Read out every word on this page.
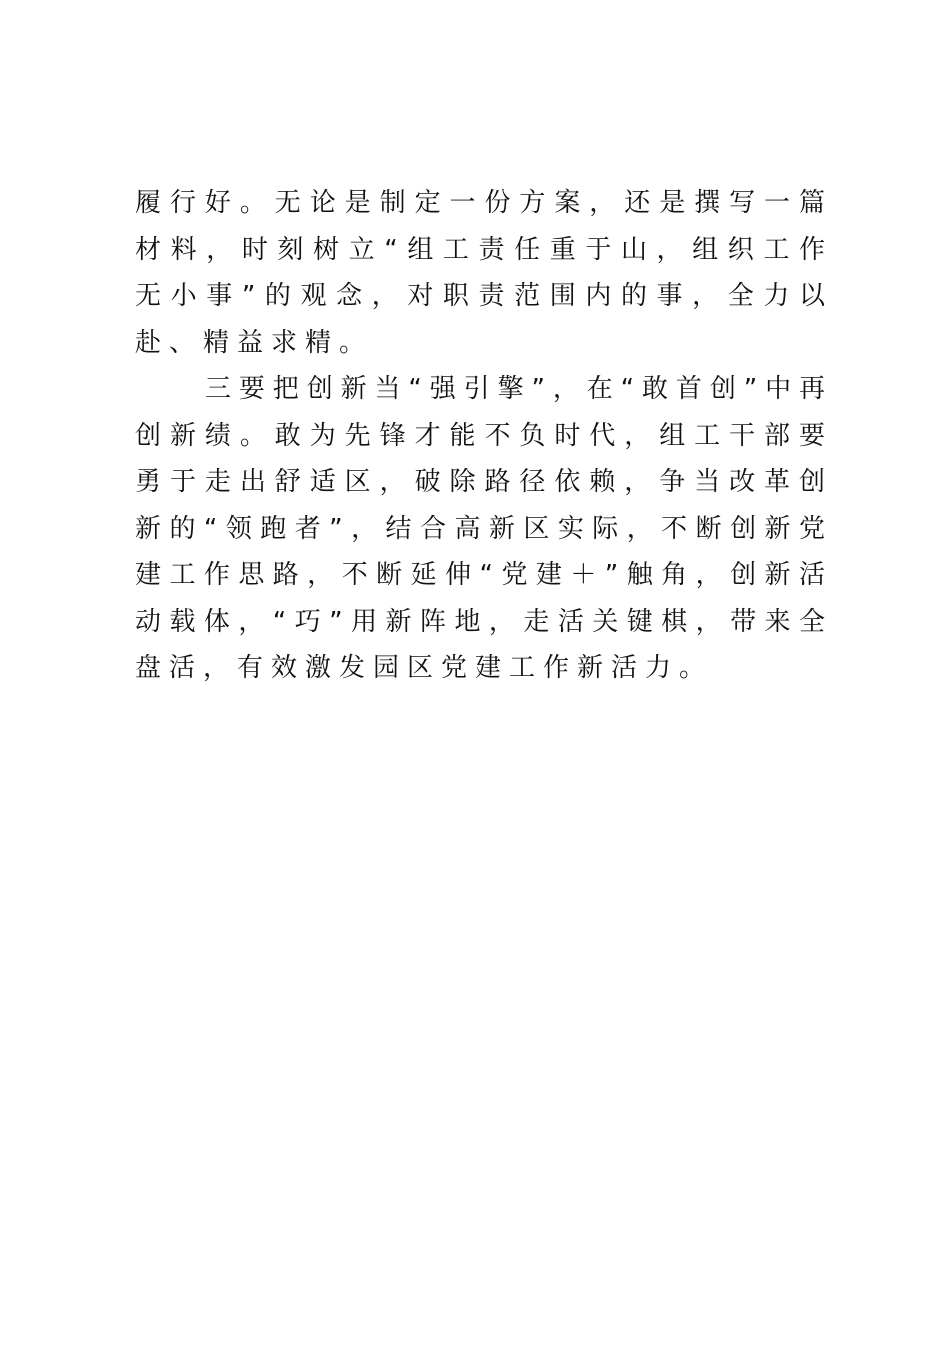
履行好。无论是制定一份方案，还是撰写一篇
材料，时刻树立“组工责任重于山，组织工作
无小事”的观念，对职责范围内的事，全力以
赴、精益求精。
三要把创新当“强引擎”，在“敢首创”中再
创新绩。敢为先锋才能不负时代，组工干部要
勇于走出舒适区，破除路径依赖，争当改革创
新的“领跑者”，结合高新区实际，不断创新党
建工作思路，不断延伸“党建＋”触角，创新活
动载体，“巧”用新阵地，走活关键棋，带来全
盘活，有效激发园区党建工作新活力。
